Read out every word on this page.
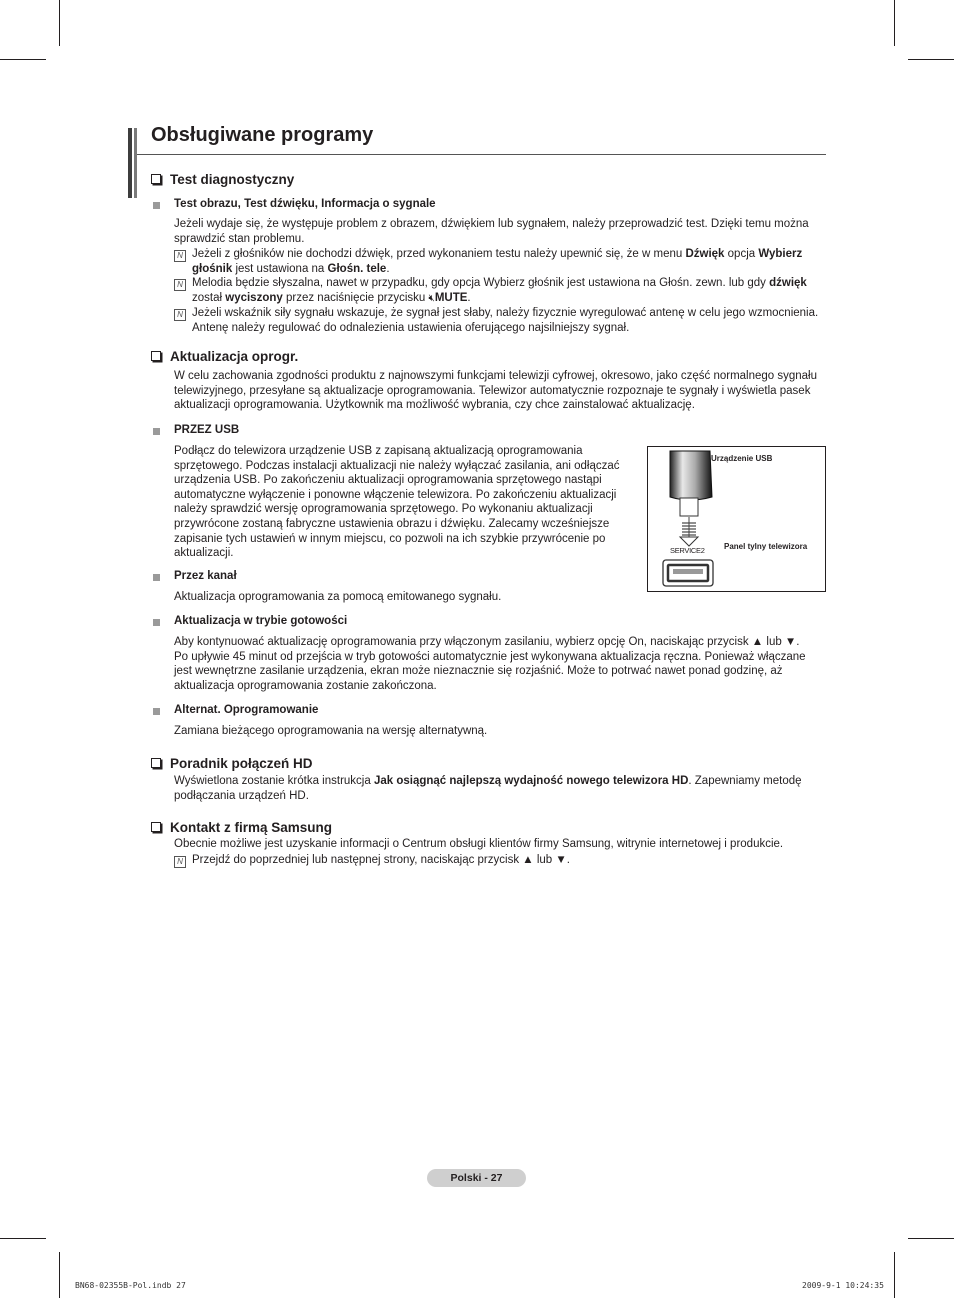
Obsługiwane programy
Test diagnostyczny
Test obrazu, Test dźwięku, Informacja o sygnale
Jeżeli wydaje się, że występuje problem z obrazem, dźwiękiem lub sygnałem, należy przeprowadzić test. Dzięki temu można sprawdzić stan problemu.
N Jeżeli z głośników nie dochodzi dźwięk, przed wykonaniem testu należy upewnić się, że w menu Dźwięk opcja Wybierz
głośnik jest ustawiona na Głośn. tele.
N Melodia będzie słyszalna, nawet w przypadku, gdy opcja Wybierz głośnik jest ustawiona na Głośn. zewn. lub gdy dźwięk
został wyciszony przez naciśnięcie przycisku 🔇︎MUTE.
N Jeżeli wskaźnik siły sygnału wskazuje, że sygnał jest słaby, należy fizycznie wyregulować antenę w celu jego wzmocnienia.
Antenę należy regulować do odnalezienia ustawienia oferującego najsilniejszy sygnał.
Aktualizacja oprogr.
W celu zachowania zgodności produktu z najnowszymi funkcjami telewizji cyfrowej, okresowo, jako część normalnego sygnału
telewizyjnego, przesyłane są aktualizacje oprogramowania. Telewizor automatycznie rozpoznaje te sygnały i wyświetla pasek
aktualizacji oprogramowania. Użytkownik ma możliwość wybrania, czy chce zainstalować aktualizację.
PRZEZ USB
Podłącz do telewizora urządzenie USB z zapisaną aktualizacją oprogramowania
sprzętowego. Podczas instalacji aktualizacji nie należy wyłączać zasilania, ani odłączać
urządzenia USB. Po zakończeniu aktualizacji oprogramowania sprzętowego nastąpi
automatyczne wyłączenie i ponowne włączenie telewizora. Po zakończeniu aktualizacji
należy sprawdzić wersję oprogramowania sprzętowego. Po wykonaniu aktualizacji
przywrócone zostaną fabryczne ustawienia obrazu i dźwięku. Zalecamy wcześniejsze
zapisanie tych ustawień w innym miejscu, co pozwoli na ich szybkie przywrócenie po
aktualizacji.
Urządzenie USB
Panel tylny telewizora
SERVICE2
Przez kanał
Aktualizacja oprogramowania za pomocą emitowanego sygnału.
Aktualizacja w trybie gotowości
Aby kontynuować aktualizację oprogramowania przy włączonym zasilaniu, wybierz opcję On, naciskając przycisk ▲ lub ▼.
Po upływie 45 minut od przejścia w tryb gotowości automatycznie jest wykonywana aktualizacja ręczna. Ponieważ włączane
jest wewnętrzne zasilanie urządzenia, ekran może nieznacznie się rozjaśnić. Może to potrwać nawet ponad godzinę, aż
aktualizacja oprogramowania zostanie zakończona.
Alternat. Oprogramowanie
Zamiana bieżącego oprogramowania na wersję alternatywną.
Poradnik połączeń HD
Wyświetlona zostanie krótka instrukcja Jak osiągnąć najlepszą wydajność nowego telewizora HD. Zapewniamy metodę
podłączania urządzeń HD.
Kontakt z firmą Samsung
Obecnie możliwe jest uzyskanie informacji o Centrum obsługi klientów firmy Samsung, witrynie internetowej i produkcie.
N Przejdź do poprzedniej lub następnej strony, naciskając przycisk ▲ lub ▼.
Polski - 27
BN68-02355B-Pol.indb 27	2009-9-1 10:24:35
